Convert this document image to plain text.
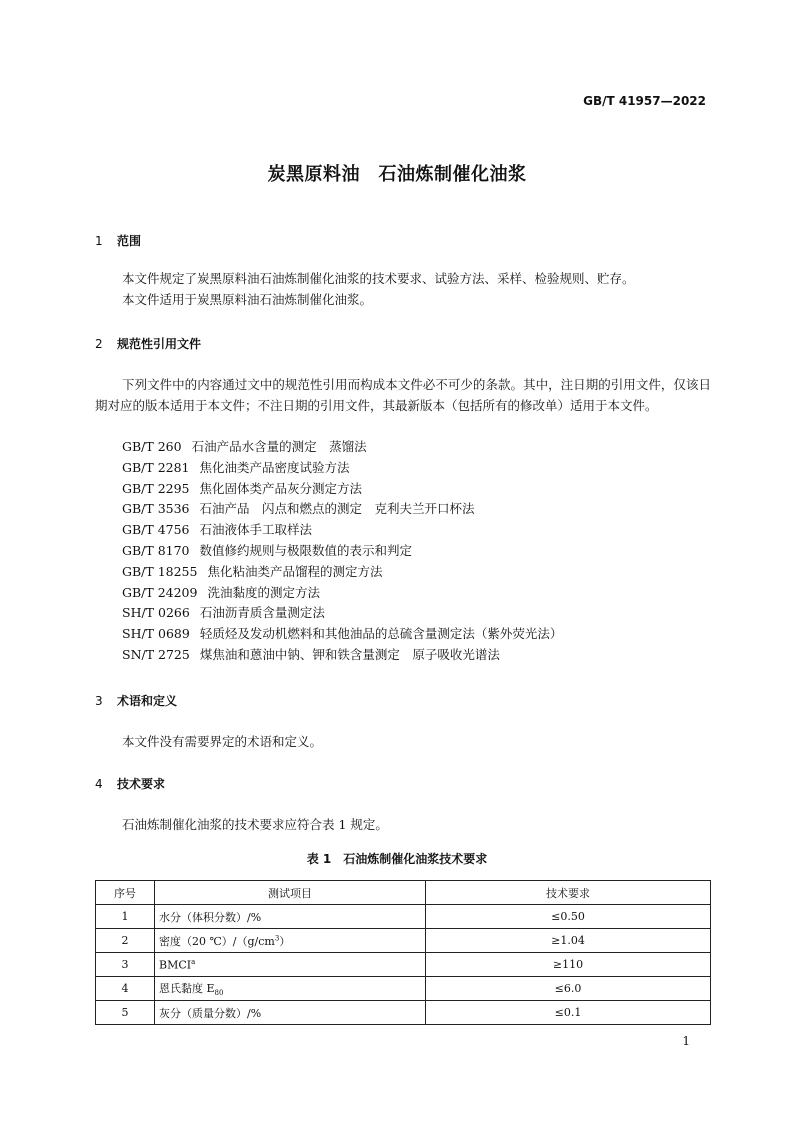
GB/T 41957—2022
炭黑原料油　石油炼制催化油浆
1 范围

本文件规定了炭黑原料油石油炼制催化油浆的技术要求、试验方法、采样、检验规则、贮存。

本文件适用于炭黑原料油石油炼制催化油浆。

2 规范性引用文件

下列文件中的内容通过文中的规范性引用而构成本文件必不可少的条款。其中，注日期的引用文件，仅该日期对应的版本适用于本文件；不注日期的引用文件，其最新版本（包括所有的修改单）适用于本文件。

GB/T 260 石油产品水含量的测定　蒸馏法
GB/T 2281 焦化油类产品密度试验方法
GB/T 2295 焦化固体类产品灰分测定方法
GB/T 3536 石油产品　闪点和燃点的测定　克利夫兰开口杯法
GB/T 4756 石油液体手工取样法
GB/T 8170 数值修约规则与极限数值的表示和判定
GB/T 18255 焦化粘油类产品馏程的测定方法
GB/T 24209 洗油黏度的测定方法
SH/T 0266 石油沥青质含量测定法
SH/T 0689 轻质烃及发动机燃料和其他油品的总硫含量测定法（紫外荧光法）
SN/T 2725 煤焦油和蒽油中钠、钾和铁含量测定　原子吸收光谱法
3 术语和定义

本文件没有需要界定的术语和定义。

4 技术要求

石油炼制催化油浆的技术要求应符合表 1 规定。

表 1　石油炼制催化油浆技术要求
序号	测试项目	技术要求
1	水分（体积分数）/%	≤0.50
2	密度（20 $℃)/(g/cm^3)$	≥1.04
3	$BMCI^a$	≥110
4	恩氏黏度 $E_{80}$	≤6.0
5	灰分（质量分数）/%	≤0.1
1
